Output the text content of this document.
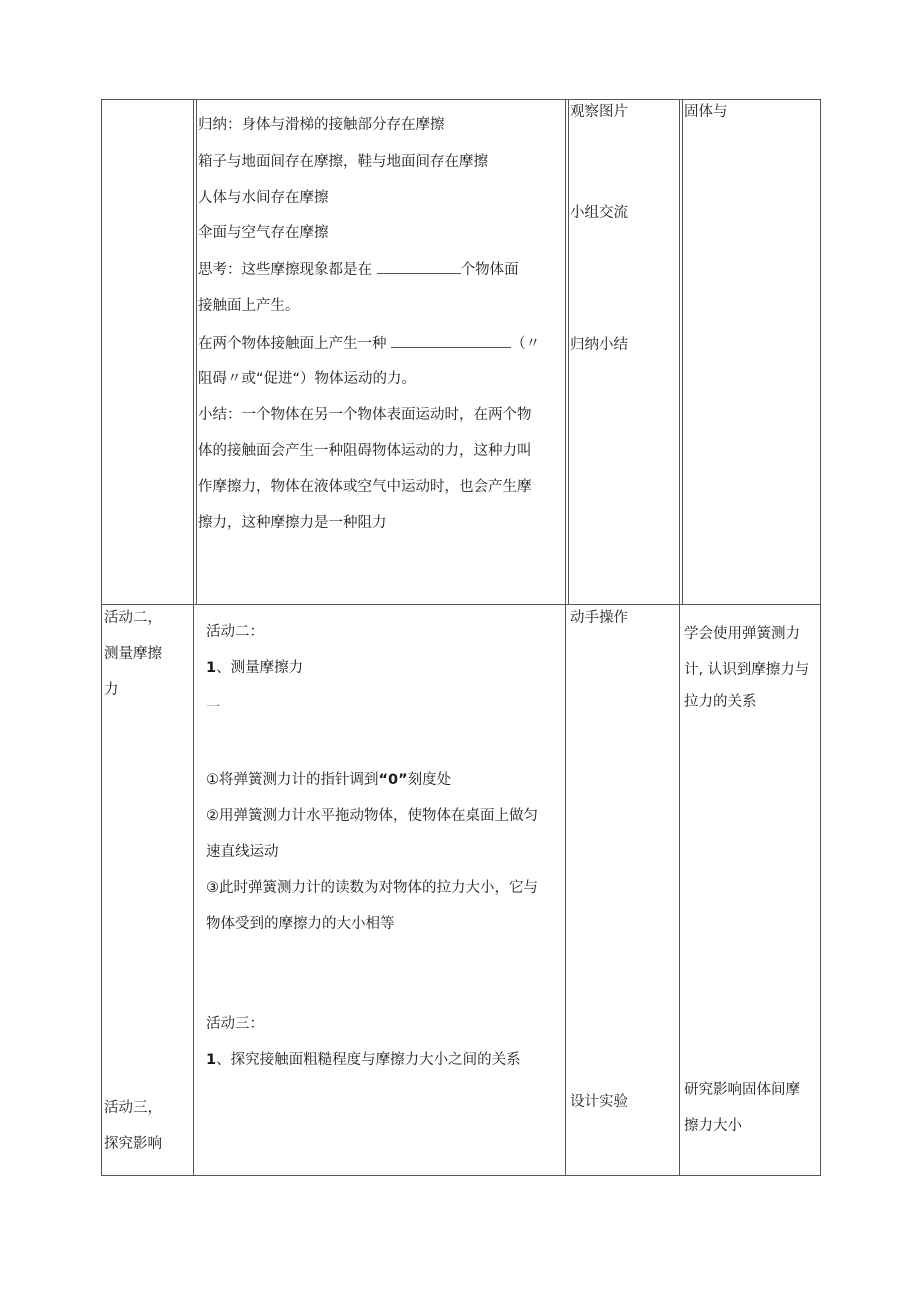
归纳：身体与滑梯的接触部分存在摩擦
箱子与地面间存在摩擦，鞋与地面间存在摩擦
人体与水间存在摩擦
伞面与空气存在摩擦
思考：这些摩擦现象都是在	个物体面
接触面上产生。
在两个物体接触面上产生一种	（〃
阻碍〃或“促进“）物体运动的力。
小结：一个物体在另一个物体表面运动时，在两个物
体的接触面会产生一种阻碍物体运动的力，这种力叫
作摩擦力，物体在液体或空气中运动时，也会产生摩
擦力，这种摩擦力是一种阻力
观察图片
小组交流
归纳小结
固体与
活动二，
测量摩擦
力
活动三，
探究影响
活动二：
1、测量摩擦力
一
①将弹簧测力计的指针调到“0”刻度处
②用弹簧测力计水平拖动物体，使物体在桌面上做匀
速直线运动
③此时弹簧测力计的读数为对物体的拉力大小，它与
物体受到的摩擦力的大小相等
活动三：
1、探究接触面粗糙程度与摩擦力大小之间的关系
动手操作
设计实验
学会使用弹簧测力
计, 认识到摩擦力与
拉力的关系
研究影响固体间摩
擦力大小
